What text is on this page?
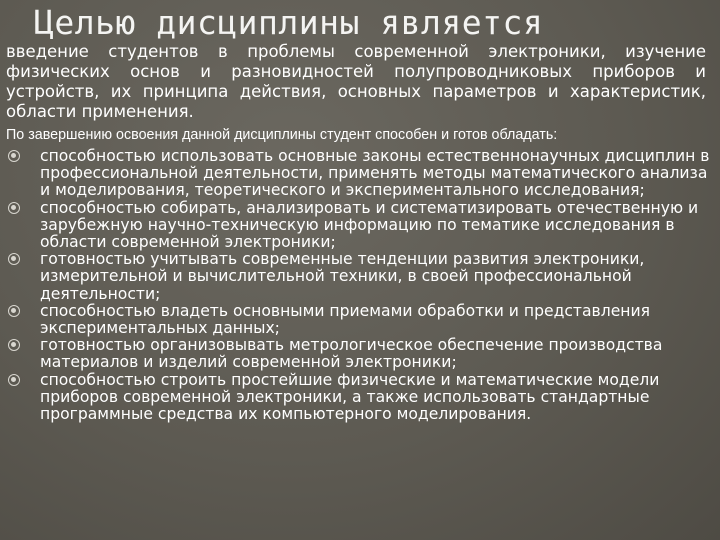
Целью дисциплины является
введение студентов в проблемы современной электроники, изучение физических основ и разновидностей полупроводниковых приборов и устройств, их принципа действия, основных параметров и характеристик, области применения.
По завершению освоения данной дисциплины студент способен и готов обладать:
способностью использовать основные законы естественнонаучных дисциплин в профессиональной деятельности, применять методы математического анализа и моделирования, теоретического и экспериментального исследования;
способностью собирать, анализировать и систематизировать отечественную и зарубежную научно-техническую информацию по тематике исследования в области современной электроники;
готовностью учитывать современные тенденции развития электроники, измерительной и вычислительной техники, в своей профессиональной деятельности;
способностью владеть основными приемами обработки и представления экспериментальных данных;
готовностью организовывать метрологическое обеспечение производства материалов и изделий современной электроники;
способностью строить простейшие физические и математические модели приборов современной электроники, а также использовать стандартные программные средства их компьютерного моделирования.
